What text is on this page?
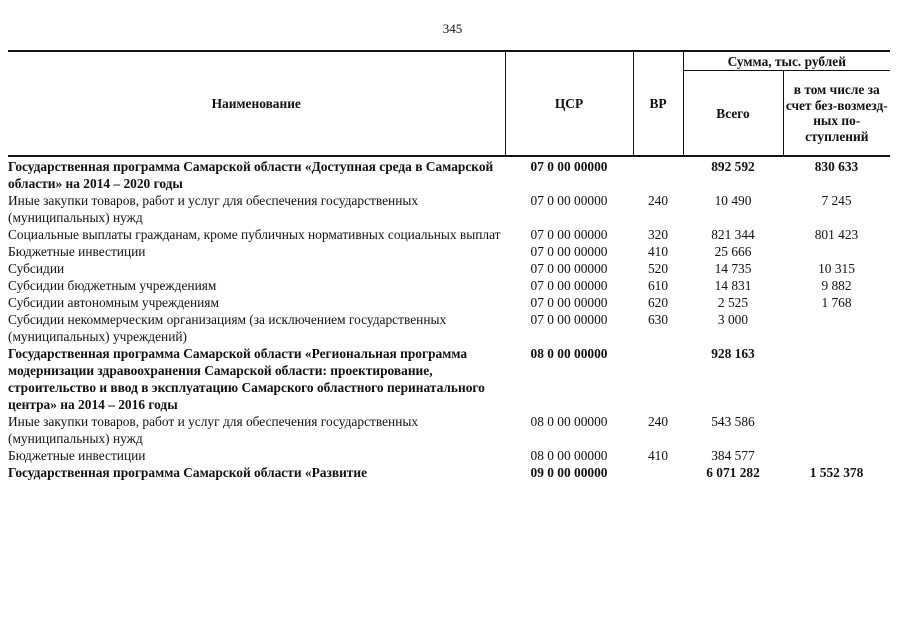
345
Наименование	ЦСР	ВР	Сумма, тыс. рублей	
			Всего	в том числе за счет без-возмезд-ных по-ступлений
Государственная программа Самарской области «Доступная среда в Самарской области» на 2014 – 2020 годы	07 0 00 00000		892 592	830 633
Иные закупки товаров, работ и услуг для обеспечения государственных (муниципальных) нужд	07 0 00 00000	240	10 490	7 245
Социальные выплаты гражданам, кроме публичных нормативных социальных выплат	07 0 00 00000	320	821 344	801 423
Бюджетные инвестиции	07 0 00 00000	410	25 666	
Субсидии	07 0 00 00000	520	14 735	10 315
Субсидии бюджетным учреждениям	07 0 00 00000	610	14 831	9 882
Субсидии автономным учреждениям	07 0 00 00000	620	2 525	1 768
Субсидии некоммерческим организациям (за исключением государственных (муниципальных) учреждений)	07 0 00 00000	630	3 000	
Государственная программа Самарской области «Региональная программа модернизации здравоохранения Самарской области: проектирование, строительство и ввод в эксплуатацию Самарского областного перинатального центра» на 2014 – 2016 годы	08 0 00 00000		928 163	
Иные закупки товаров, работ и услуг для обеспечения государственных (муниципальных) нужд	08 0 00 00000	240	543 586	
Бюджетные инвестиции	08 0 00 00000	410	384 577	
Государственная программа Самарской области «Развитие	09 0 00 00000		6 071 282	1 552 378
